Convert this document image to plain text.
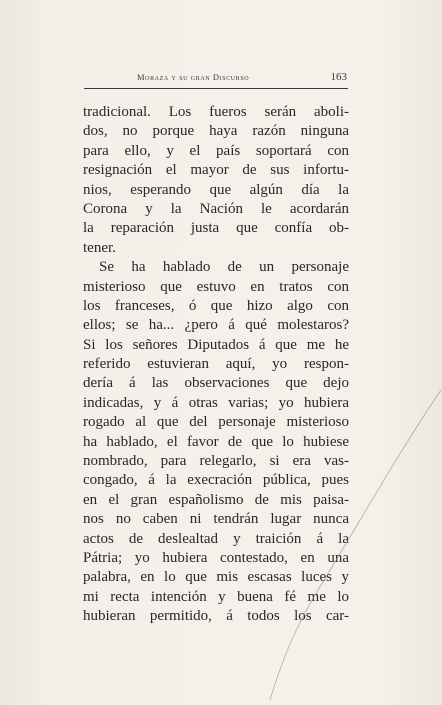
Moraza y su gran Discurso	163
tradicional. Los fueros serán aboli-
dos, no porque haya razón ninguna
para ello, y el país soportará con
resignación el mayor de sus infortu-
nios, esperando que algún día la
Corona y la Nación le acordarán
la reparación justa que confía ob-
tener.
Se ha hablado de un personaje
misterioso que estuvo en tratos con
los franceses, ó que hizo algo con
ellos; se ha... ¿pero á qué molestaros?
Si los señores Diputados á que me he
referido estuvieran aquí, yo respon-
dería á las observaciones que dejo
indicadas, y á otras varias; yo hubiera
rogado al que del personaje misterioso
ha hablado, el favor de que lo hubiese
nombrado, para relegarlo, si era vas-
congado, á la execración pública, pues
en el gran españolismo de mis paisa-
nos no caben ni tendrán lugar nunca
actos de deslealtad y traición á la
Pátria; yo hubiera contestado, en una
palabra, en lo que mis escasas luces y
mi recta intención y buena fé me lo
hubieran permitido, á todos los car-
